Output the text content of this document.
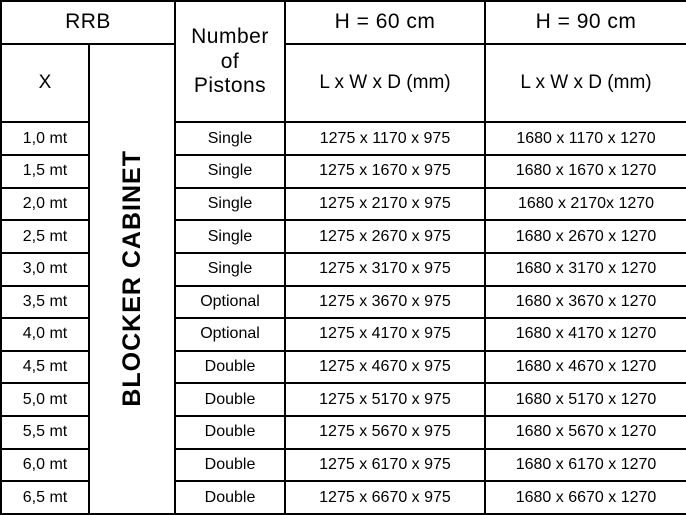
RRB		Number
of
Pistons	H = 60 cm	H = 90 cm
X	BLOCKER CABINET		L x W x D (mm)	L x W x D (mm)
1,0 mt		Single	1275 x 1170 x 975	1680 x 1170 x 1270
1,5 mt		Single	1275 x 1670 x 975	1680 x 1670 x 1270
2,0 mt		Single	1275 x 2170 x 975	1680 x 2170x 1270
2,5 mt		Single	1275 x 2670 x 975	1680 x 2670 x 1270
3,0 mt		Single	1275 x 3170 x 975	1680 x 3170 x 1270
3,5 mt		Optional	1275 x 3670 x 975	1680 x 3670 x 1270
4,0 mt		Optional	1275 x 4170 x 975	1680 x 4170 x 1270
4,5 mt		Double	1275 x 4670 x 975	1680 x 4670 x 1270
5,0 mt		Double	1275 x 5170 x 975	1680 x 5170 x 1270
5,5 mt		Double	1275 x 5670 x 975	1680 x 5670 x 1270
6,0 mt		Double	1275 x 6170 x 975	1680 x 6170 x 1270
6,5 mt		Double	1275 x 6670 x 975	1680 x 6670 x 1270
